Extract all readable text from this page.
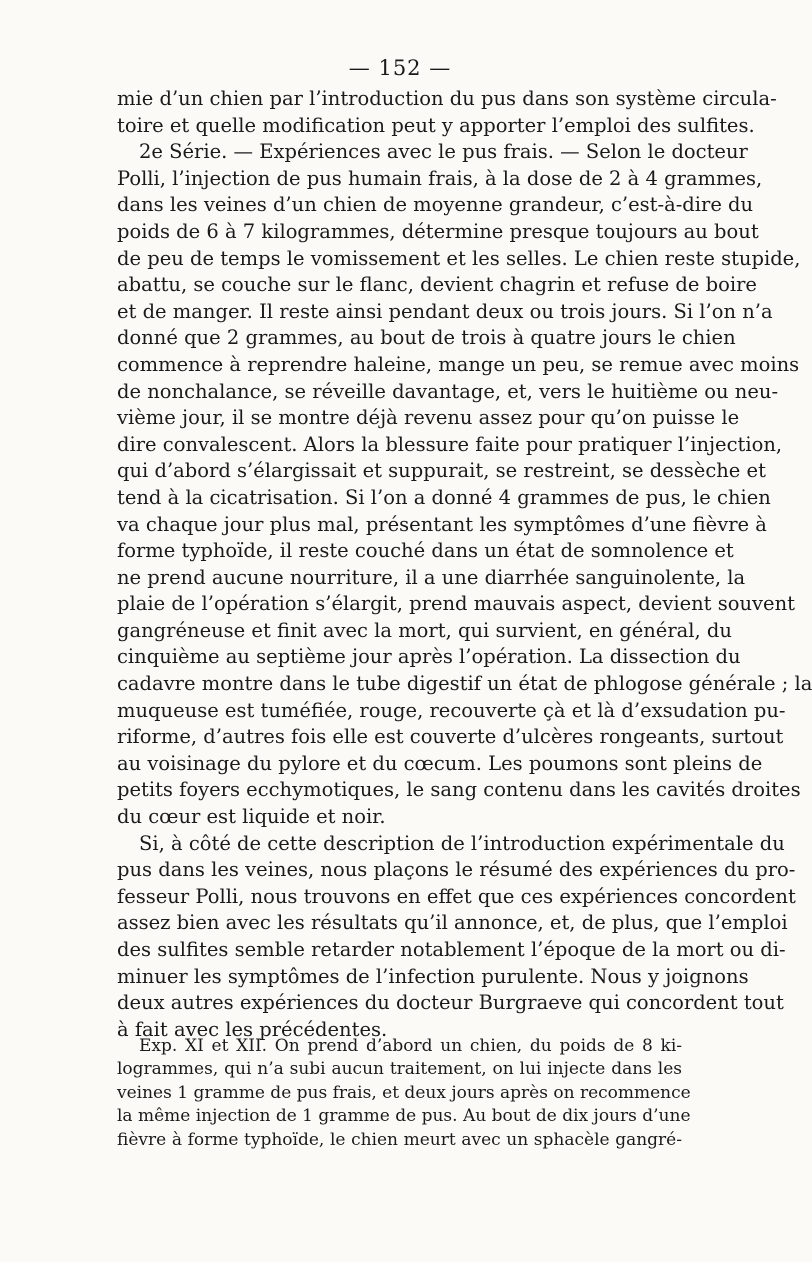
— 152 —
mie d’un chien par l’introduction du pus dans son système circula-
toire et quelle modification peut y apporter l’emploi des sulfites.
2e Série. — Expériences avec le pus frais. — Selon le docteur
Polli, l’injection de pus humain frais, à la dose de 2 à 4 grammes,
dans les veines d’un chien de moyenne grandeur, c’est-à-dire du
poids de 6 à 7 kilogrammes, détermine presque toujours au bout
de peu de temps le vomissement et les selles. Le chien reste stupide,
abattu, se couche sur le flanc, devient chagrin et refuse de boire
et de manger. Il reste ainsi pendant deux ou trois jours. Si l’on n’a
donné que 2 grammes, au bout de trois à quatre jours le chien
commence à reprendre haleine, mange un peu, se remue avec moins
de nonchalance, se réveille davantage, et, vers le huitième ou neu-
vième jour, il se montre déjà revenu assez pour qu’on puisse le
dire convalescent. Alors la blessure faite pour pratiquer l’injection,
qui d’abord s’élargissait et suppurait, se restreint, se dessèche et
tend à la cicatrisation. Si l’on a donné 4 grammes de pus, le chien
va chaque jour plus mal, présentant les symptômes d’une fièvre à
forme typhoïde, il reste couché dans un état de somnolence et
ne prend aucune nourriture, il a une diarrhée sanguinolente, la
plaie de l’opération s’élargit, prend mauvais aspect, devient souvent
gangréneuse et finit avec la mort, qui survient, en général, du
cinquième au septième jour après l’opération. La dissection du
cadavre montre dans le tube digestif un état de phlogose générale ; la
muqueuse est tuméfiée, rouge, recouverte çà et là d’exsudation pu-
riforme, d’autres fois elle est couverte d’ulcères rongeants, surtout
au voisinage du pylore et du cœcum. Les poumons sont pleins de
petits foyers ecchymotiques, le sang contenu dans les cavités droites
du cœur est liquide et noir.
Si, à côté de cette description de l’introduction expérimentale du
pus dans les veines, nous plaçons le résumé des expériences du pro-
fesseur Polli, nous trouvons en effet que ces expériences concordent
assez bien avec les résultats qu’il annonce, et, de plus, que l’emploi
des sulfites semble retarder notablement l’époque de la mort ou di-
minuer les symptômes de l’infection purulente. Nous y joignons
deux autres expériences du docteur Burgraeve qui concordent tout
à fait avec les précédentes.
Exp. XI et XII. On prend d’abord un chien, du poids de 8 ki-
logrammes, qui n’a subi aucun traitement, on lui injecte dans les
veines 1 gramme de pus frais, et deux jours après on recommence
la même injection de 1 gramme de pus. Au bout de dix jours d’une
fièvre à forme typhoïde, le chien meurt avec un sphacèle gangré-
